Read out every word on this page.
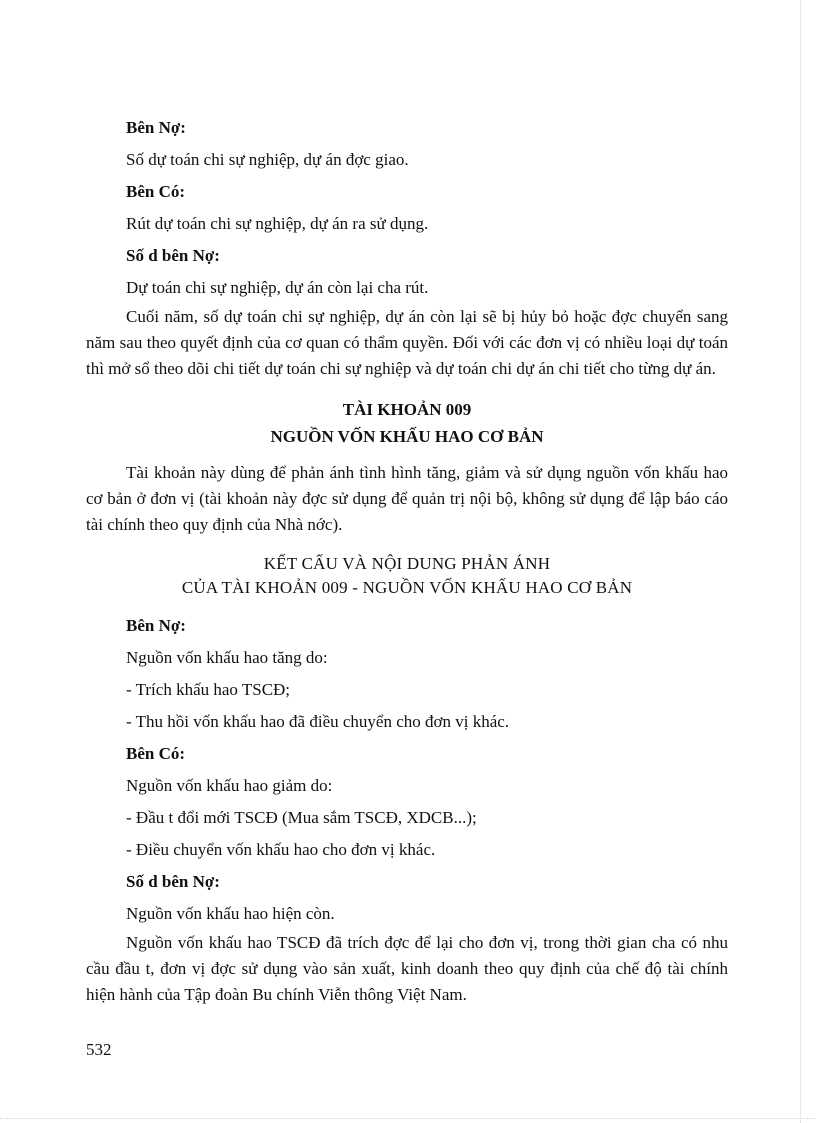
Bên Nợ:
Số dự toán chi sự nghiệp, dự án đợc giao.
Bên Có:
Rút dự toán chi sự nghiệp, dự án ra sử dụng.
Số d bên Nợ:
Dự toán chi sự nghiệp, dự án còn lại cha rút.

Cuối năm, số dự toán chi sự nghiệp, dự án còn lại sẽ bị hủy bỏ hoặc đợc chuyển sang năm sau theo quyết định của cơ quan có thẩm quyền. Đối với các đơn vị có nhiều loại dự toán thì mở sổ theo dõi chi tiết dự toán chi sự nghiệp và dự toán chi dự án chi tiết cho từng dự án.

TÀI KHOẢN 009
NGUỒN VỐN KHẤU HAO CƠ BẢN

Tài khoản này dùng để phản ánh tình hình tăng, giảm và sử dụng nguồn vốn khấu hao cơ bản ở đơn vị (tài khoản này đợc sử dụng để quản trị nội bộ, không sử dụng để lập báo cáo tài chính theo quy định của Nhà nớc).

KẾT CẤU VÀ NỘI DUNG PHẢN ÁNH
CỦA TÀI KHOẢN 009 - NGUỒN VỐN KHẤU HAO CƠ BẢN
Bên Nợ:
Nguồn vốn khấu hao tăng do:
- Trích khấu hao TSCĐ;
- Thu hồi vốn khấu hao đã điều chuyển cho đơn vị khác.
Bên Có:
Nguồn vốn khấu hao giảm do:
- Đầu t đổi mới TSCĐ (Mua sắm TSCĐ, XDCB...);
- Điều chuyển vốn khấu hao cho đơn vị khác.
Số d bên Nợ:
Nguồn vốn khấu hao hiện còn.

Nguồn vốn khấu hao TSCĐ đã trích đợc để lại cho đơn vị, trong thời gian cha có nhu cầu đầu t, đơn vị đợc sử dụng vào sản xuất, kinh doanh theo quy định của chế độ tài chính hiện hành của Tập đoàn Bu chính Viễn thông Việt Nam.

532
